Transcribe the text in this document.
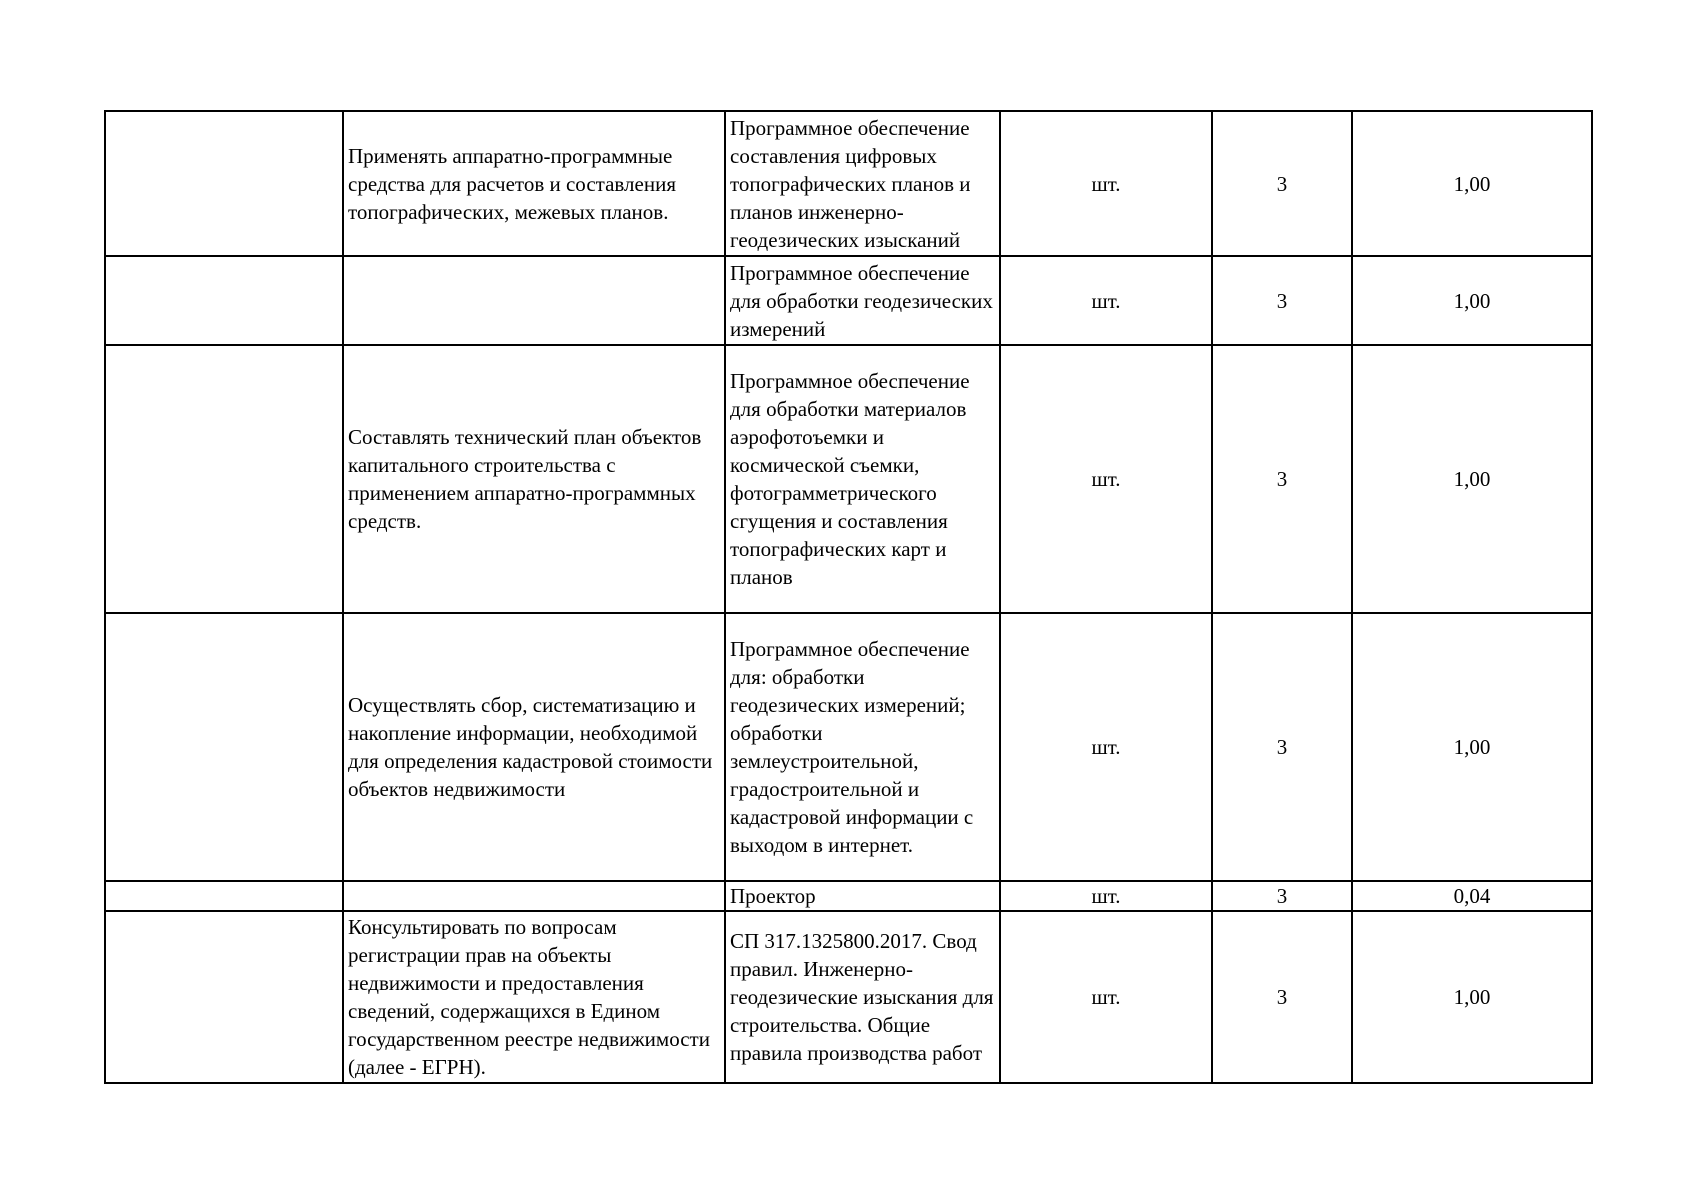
	Применять аппаратно-программные средства для расчетов и составления топографических, межевых планов.	Программное обеспечение составления цифровых топографических планов и планов инженерно-геодезических изысканий	шт.	3	1,00
		Программное обеспечение для обработки геодезических измерений	шт.	3	1,00
	Составлять технический план объектов капитального строительства с применением аппаратно-программных средств.	Программное обеспечение для обработки материалов аэрофотоъемки и космической съемки, фотограмметрического сгущения и составления топографических карт и планов	шт.	3	1,00
	Осуществлять сбор, систематизацию и накопление информации, необходимой для определения кадастровой стоимости объектов недвижимости	Программное обеспечение для: обработки геодезических измерений; обработки землеустроительной, градостроительной и кадастровой информации с выходом в интернет.	шт.	3	1,00
		Проектор	шт.	3	0,04
	Консультировать по вопросам регистрации прав на объекты недвижимости и предоставления сведений, содержащихся в Едином государственном реестре недвижимости (далее - ЕГРН).	СП 317.1325800.2017. Свод правил. Инженерно-геодезические изыскания для строительства. Общие правила производства работ	шт.	3	1,00
